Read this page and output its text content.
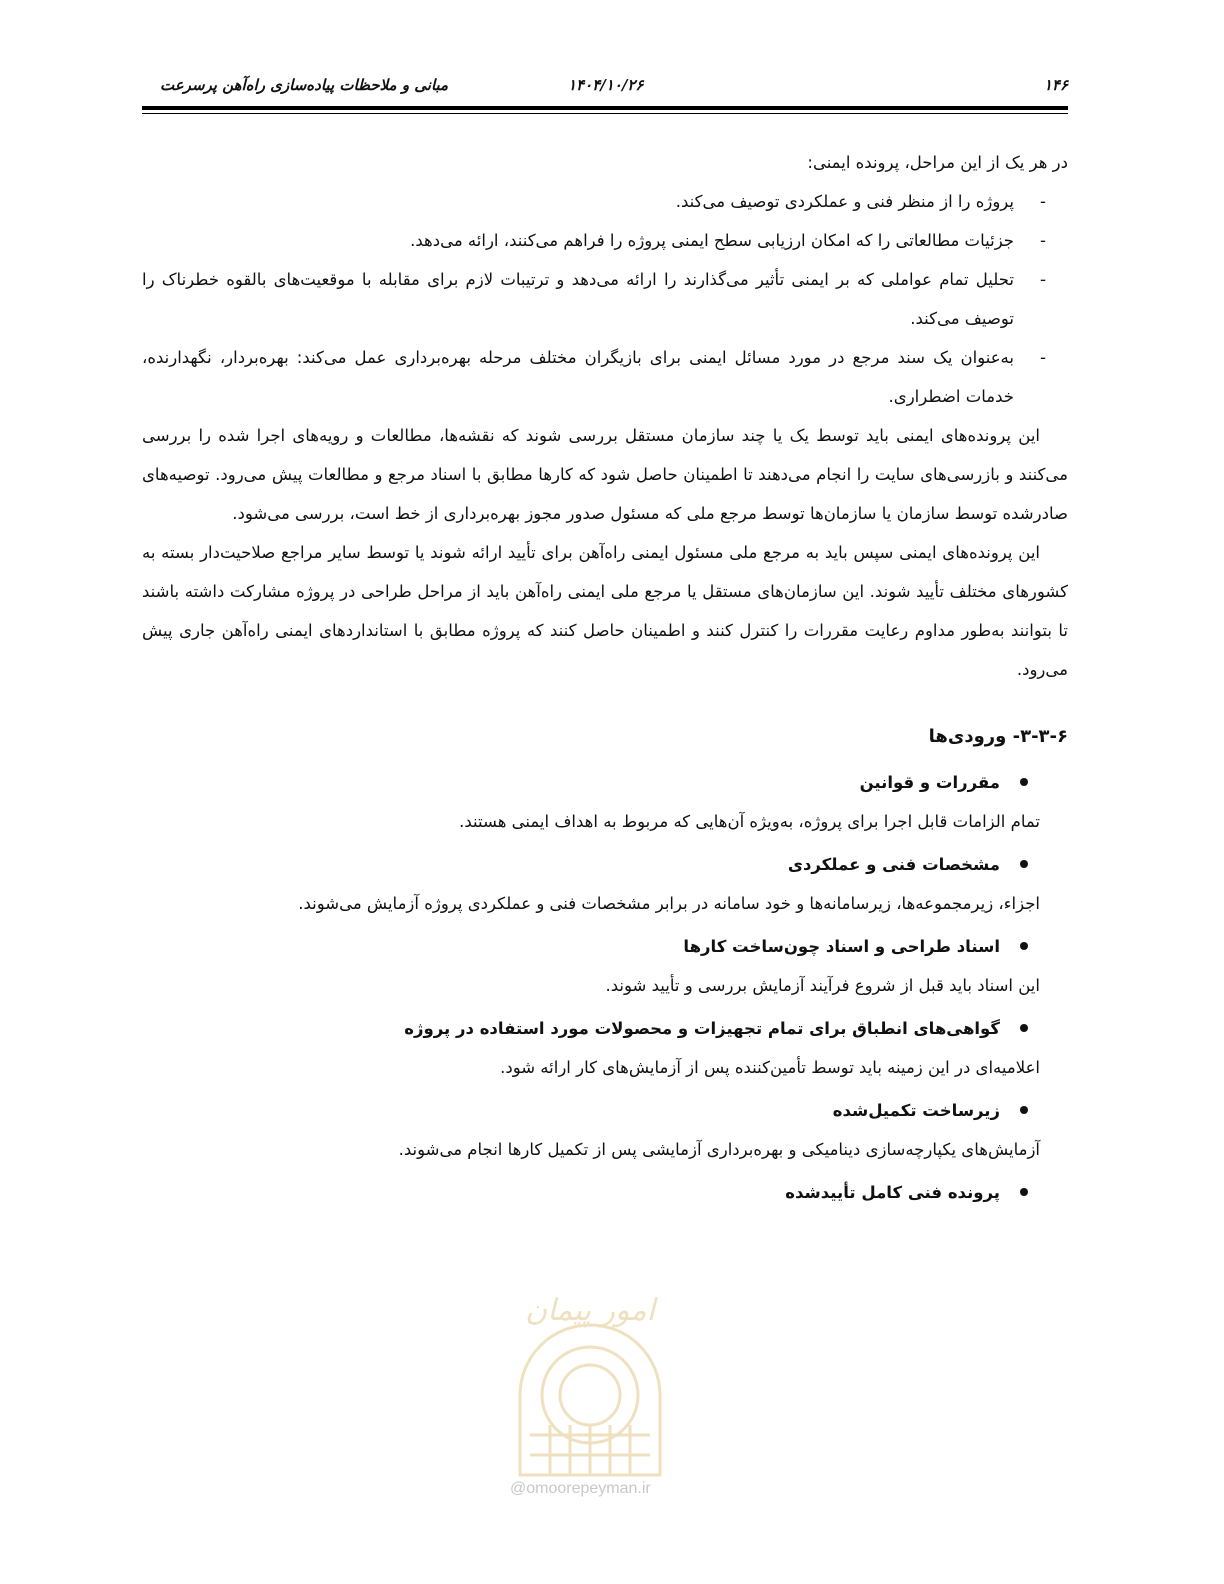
۱۴۶
۱۴۰۴/۱۰/۲۶
مبانی و ملاحظات پیاده‌سازی راه‌آهن پرسرعت

در هر یک از این مراحل، پرونده ایمنی:

- پروژه را از منظر فنی و عملکردی توصیف می‌کند.
- جزئیات مطالعاتی را که امکان ارزیابی سطح ایمنی پروژه را فراهم می‌کنند، ارائه می‌دهد.
- تحلیل تمام عواملی که بر ایمنی تأثیر می‌گذارند را ارائه می‌دهد و ترتیبات لازم برای مقابله با موقعیت‌های بالقوه خطرناک را توصیف می‌کند.
- به‌عنوان یک سند مرجع در مورد مسائل ایمنی برای بازیگران مختلف مرحله بهره‌برداری عمل می‌کند: بهره‌بردار، نگهدارنده، خدمات اضطراری.

این پرونده‌های ایمنی باید توسط یک یا چند سازمان مستقل بررسی شوند که نقشه‌ها، مطالعات و رویه‌های اجرا شده را بررسی می‌کنند و بازرسی‌های سایت را انجام می‌دهند تا اطمینان حاصل شود که کارها مطابق با اسناد مرجع و مطالعات پیش می‌رود. توصیه‌های صادرشده توسط سازمان یا سازمان‌ها توسط مرجع ملی که مسئول صدور مجوز بهره‌برداری از خط است، بررسی می‌شود.

این پرونده‌های ایمنی سپس باید به مرجع ملی مسئول ایمنی راه‌آهن برای تأیید ارائه شوند یا توسط سایر مراجع صلاحیت‌دار بسته به کشورهای مختلف تأیید شوند. این سازمان‌های مستقل یا مرجع ملی ایمنی راه‌آهن باید از مراحل طراحی در پروژه مشارکت داشته باشند تا بتوانند به‌طور مداوم رعایت مقررات را کنترل کنند و اطمینان حاصل کنند که پروژه مطابق با استانداردهای ایمنی راه‌آهن جاری پیش می‌رود.

۳-۳-۶- ورودی‌ها
مقررات و قوانین

تمام الزامات قابل اجرا برای پروژه، به‌ویژه آن‌هایی که مربوط به اهداف ایمنی هستند.

مشخصات فنی و عملکردی

اجزاء، زیرمجموعه‌ها، زیرسامانه‌ها و خود سامانه در برابر مشخصات فنی و عملکردی پروژه آزمایش می‌شوند.

اسناد طراحی و اسناد چون‌ساخت کارها

این اسناد باید قبل از شروع فرآیند آزمایش بررسی و تأیید شوند.

گواهی‌های انطباق برای تمام تجهیزات و محصولات مورد استفاده در پروژه

اعلامیه‌ای در این زمینه باید توسط تأمین‌کننده پس از آزمایش‌های کار ارائه شود.

زیرساخت تکمیل‌شده

آزمایش‌های یکپارچه‌سازی دینامیکی و بهره‌برداری آزمایشی پس از تکمیل کارها انجام می‌شوند.

پرونده فنی کامل تأییدشده
امور پیمان
@omoorepeyman.ir
